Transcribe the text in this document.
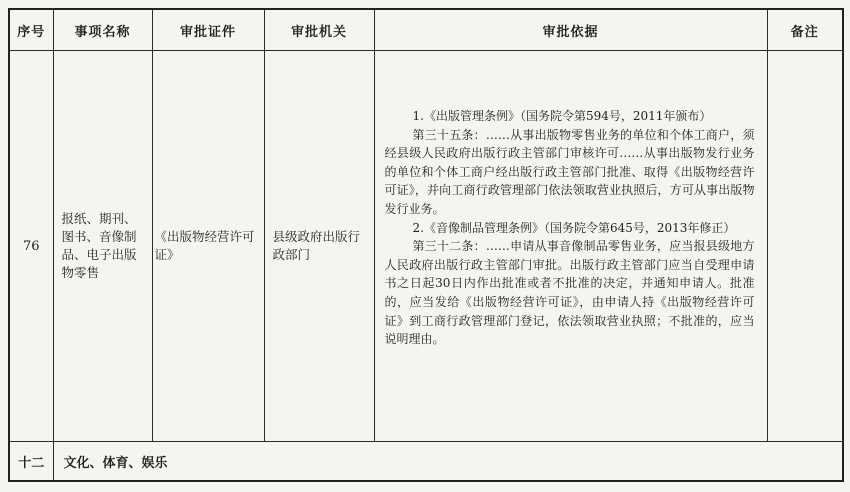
序号	事项名称	审批证件	审批机关	审批依据	备注
76	报纸、期刊、图书、音像制品、电子出版物零售	《出版物经营许可证》	县级政府出版行政部门	1.《出版管理条例》（国务院令第594号，2011年颁布）

第三十五条：……从事出版物零售业务的单位和个体工商户，须经县级人民政府出版行政主管部门审核许可……从事出版物发行业务的单位和个体工商户经出版行政主管部门批准、取得《出版物经营许可证》，并向工商行政管理部门依法领取营业执照后，方可从事出版物发行业务。

2.《音像制品管理条例》（国务院令第645号，2013年修正）

第三十二条：……申请从事音像制品零售业务，应当报县级地方人民政府出版行政主管部门审批。出版行政主管部门应当自受理申请书之日起30日内作出批准或者不批准的决定，并通知申请人。批准的，应当发给《出版物经营许可证》，由申请人持《出版物经营许可证》到工商行政管理部门登记，依法领取营业执照；不批准的，应当说明理由。	

十二	文化、体育、娱乐				
